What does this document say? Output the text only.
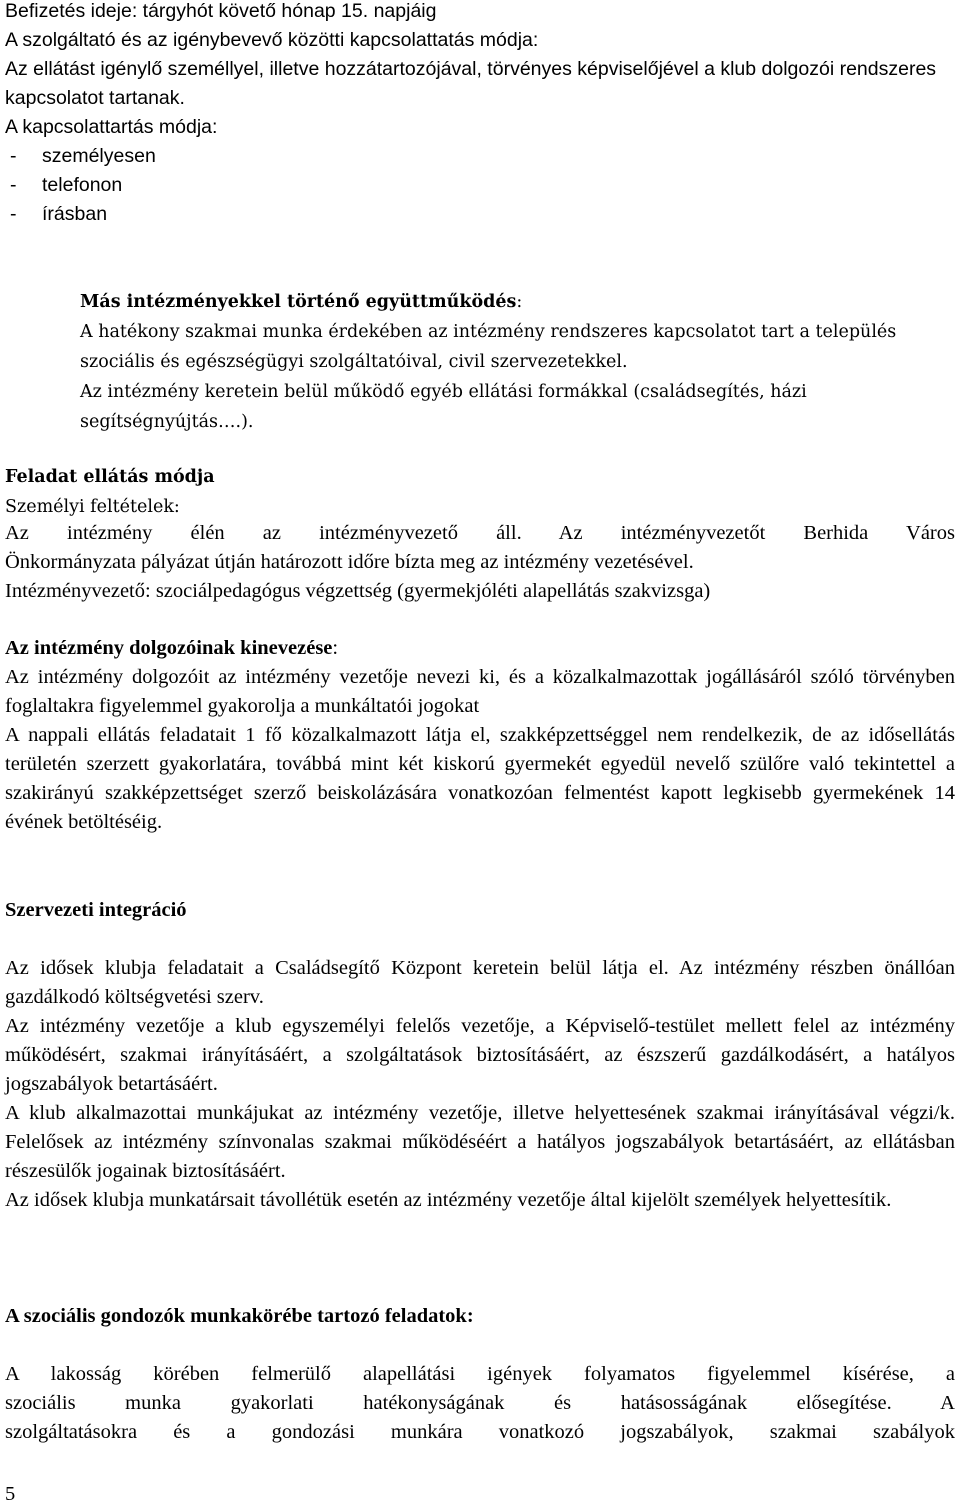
Befizetés ideje: tárgyhót követő hónap 15. napjáig

A szolgáltató és az igénybevevő közötti kapcsolattatás módja:

Az ellátást igénylő személlyel, illetve hozzátartozójával, törvényes képviselőjével a klub dolgozói rendszeres kapcsolatot tartanak.

A kapcsolattartás módja:

- személyesen
- telefonon
- írásban

Más intézményekkel történő együttműködés:

A hatékony szakmai munka érdekében az intézmény rendszeres kapcsolatot tart a település szociális és egészségügyi szolgáltatóival, civil szervezetekkel.

Az intézmény keretein belül működő egyéb ellátási formákkal (családsegítés, házi segítségnyújtás….).

Feladat ellátás módja

Személyi feltételek:

Az intézmény élén az intézményvezető áll. Az intézményvezetőt Berhida Város

Önkormányzata pályázat útján határozott időre bízta meg az intézmény vezetésével.

Intézményvezető: szociálpedagógus végzettség (gyermekjóléti alapellátás szakvizsga)

Az intézmény dolgozóinak kinevezése:

Az intézmény dolgozóit az intézmény vezetője nevezi ki, és a közalkalmazottak jogállásáról szóló törvényben foglaltakra figyelemmel gyakorolja a munkáltatói jogokat

A nappali ellátás feladatait 1 fő közalkalmazott látja el, szakképzettséggel nem rendelkezik, de az idősellátás területén szerzett gyakorlatára, továbbá mint két kiskorú gyermekét egyedül nevelő szülőre való tekintettel a szakirányú szakképzettséget szerző beiskolázására vonatkozóan felmentést kapott legkisebb gyermekének 14 évének betöltéséig.

Szervezeti integráció

Az idősek klubja feladatait a Családsegítő Központ keretein belül látja el. Az intézmény részben önállóan gazdálkodó költségvetési szerv.

Az intézmény vezetője a klub egyszemélyi felelős vezetője, a Képviselő-testület mellett felel az intézmény működésért, szakmai irányításáért, a szolgáltatások biztosításáért, az észszerű gazdálkodásért, a hatályos jogszabályok betartásáért.

A klub alkalmazottai munkájukat az intézmény vezetője, illetve helyettesének szakmai irányításával végzi/k. Felelősek az intézmény színvonalas szakmai működéséért a hatályos jogszabályok betartásáért, az ellátásban részesülők jogainak biztosításáért.

Az idősek klubja munkatársait távollétük esetén az intézmény vezetője által kijelölt személyek helyettesítik.

A szociális gondozók munkakörébe tartozó feladatok:

A lakosság körében felmerülő alapellátási igények folyamatos figyelemmel kísérése, a

szociális munka gyakorlati hatékonyságának és hatásosságának elősegítése. A

szolgáltatásokra és a gondozási munkára vonatkozó jogszabályok, szakmai szabályok

5
